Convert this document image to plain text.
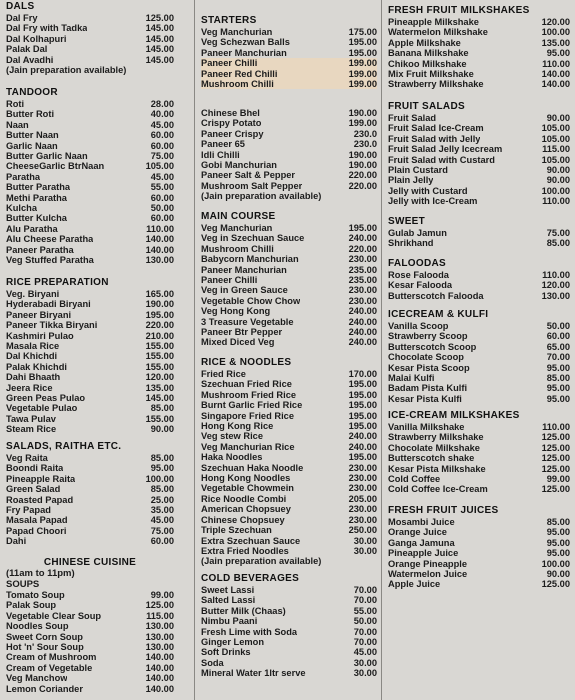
DALS
Dal Fry	125.00
Dal Fry with Tadka	145.00
Dal Kolhapuri	145.00
Palak Dal	145.00
Dal Avadhi	145.00
(Jain preparation available)
TANDOOR
Roti	28.00
Butter Roti	40.00
Naan	45.00
Butter Naan	60.00
Garlic Naan	60.00
Butter Garlic Naan	75.00
CheeseGarlic BtrNaan	105.00
Paratha	45.00
Butter Paratha	55.00
Methi Paratha	60.00
Kulcha	50.00
Butter Kulcha	60.00
Alu Paratha	110.00
Alu Cheese Paratha	140.00
Paneer Paratha	140.00
Veg Stuffed Paratha	130.00
RICE PREPARATION
Veg. Biryani	165.00
Hyderabadi Biryani	190.00
Paneer Biryani	195.00
Paneer Tikka Biryani	220.00
Kashmiri Pulao	210.00
Masala Rice	155.00
Dal Khichdi	155.00
Palak Khichdi	155.00
Dahi Bhaath	120.00
Jeera Rice	135.00
Green Peas Pulao	145.00
Vegetable Pulao	85.00
Tawa Pulav	155.00
Steam Rice	90.00
SALADS, RAITHA ETC.
Veg Raita	85.00
Boondi Raita	95.00
Pineapple Raita	100.00
Green Salad	85.00
Roasted Papad	25.00
Fry Papad	35.00
Masala Papad	45.00
Papad Choori	75.00
Dahi	60.00
CHINESE CUISINE
(11am to 11pm)
SOUPS
Tomato Soup	99.00
Palak Soup	125.00
Vegetable Clear Soup	115.00
Noodles Soup	130.00
Sweet Corn Soup	130.00
Hot 'n' Sour Soup	130.00
Cream of Mushroom	140.00
Cream of Vegetable	140.00
Veg Manchow	140.00
Lemon Coriander	140.00
STARTERS
Veg Manchurian	175.00
Veg Schezwan Balls	195.00
Paneer Manchurian	195.00
Paneer Chilli	199.00
Paneer Red Chilli	199.00
Mushroom Chilli	199.00
Chinese Bhel	190.00
Crispy Potato	199.00
Paneer Crispy	230.0
Paneer 65	230.0
Idli Chilli	190.00
Gobi Manchurian	190.00
Paneer Salt & Pepper	220.00
Mushroom Salt Pepper	220.00
(Jain preparation available)
MAIN COURSE
Veg Manchurian	195.00
Veg in Szechuan Sauce	240.00
Mushroom Chilli	220.00
Babycorn Manchurian	230.00
Paneer Manchurian	235.00
Paneer Chilli	235.00
Veg in Green Sauce	230.00
Vegetable Chow Chow	230.00
Veg Hong Kong	240.00
3 Treasure Vegetable	240.00
Paneer Btr Pepper	240.00
Mixed Diced Veg	240.00
RICE & NOODLES
Fried Rice	170.00
Szechuan Fried Rice	195.00
Mushroom Fried Rice	195.00
Burnt Garlic Fried Rice	195.00
Singapore Fried Rice	195.00
Hong Kong Rice	195.00
Veg stew Rice	240.00
Veg Manchurian Rice	240.00
Haka Noodles	195.00
Szechuan Haka Noodle	230.00
Hong Kong Noodles	230.00
Vegetable Chowmein	230.00
Rice Noodle Combi	205.00
American Chopsuey	230.00
Chinese Chopsuey	230.00
Triple Szechuan	250.00
Extra Szechuan Sauce	30.00
Extra Fried Noodles	30.00
(Jain preparation available)
COLD BEVERAGES
Sweet Lassi	70.00
Salted Lassi	70.00
Butter Milk (Chaas)	55.00
Nimbu Paani	50.00
Fresh Lime with Soda	70.00
Ginger Lemon	70.00
Soft Drinks	45.00
Soda	30.00
Mineral Water 1ltr serve	30.00
FRESH FRUIT MILKSHAKES
Pineapple Milkshake	120.00
Watermelon Milkshake	100.00
Apple Milkshake	135.00
Banana Milkshake	95.00
Chikoo Milkshake	110.00
Mix Fruit Milkshake	140.00
Strawberry Milkshake	140.00
FRUIT SALADS
Fruit Salad	90.00
Fruit Salad Ice-Cream	105.00
Fruit Salad with Jelly	105.00
Fruit Salad Jelly Icecream	115.00
Fruit Salad with Custard	105.00
Plain Custard	90.00
Plain Jelly	90.00
Jelly with Custard	100.00
Jelly with Ice-Cream	110.00
SWEET
Gulab Jamun	75.00
Shrikhand	85.00
FALOODAS
Rose Falooda	110.00
Kesar Falooda	120.00
Butterscotch Falooda	130.00
ICECREAM & KULFI
Vanilla Scoop	50.00
Strawberry Scoop	60.00
Butterscotch Scoop	65.00
Chocolate Scoop	70.00
Kesar Pista Scoop	95.00
Malai Kulfi	85.00
Badam Pista Kulfi	95.00
Kesar Pista Kulfi	95.00
ICE-CREAM MILKSHAKES
Vanilla Milkshake	110.00
Strawberry Milkshake	125.00
Chocolate Milkshake	125.00
Butterscotch shake	125.00
Kesar Pista Milkshake	125.00
Cold Coffee	99.00
Cold Coffee Ice-Cream	125.00
FRESH FRUIT JUICES
Mosambi Juice	85.00
Orange Juice	95.00
Ganga Jamuna	95.00
Pineapple Juice	95.00
Orange Pineapple	100.00
Watermelon Juice	90.00
Apple Juice	125.00
